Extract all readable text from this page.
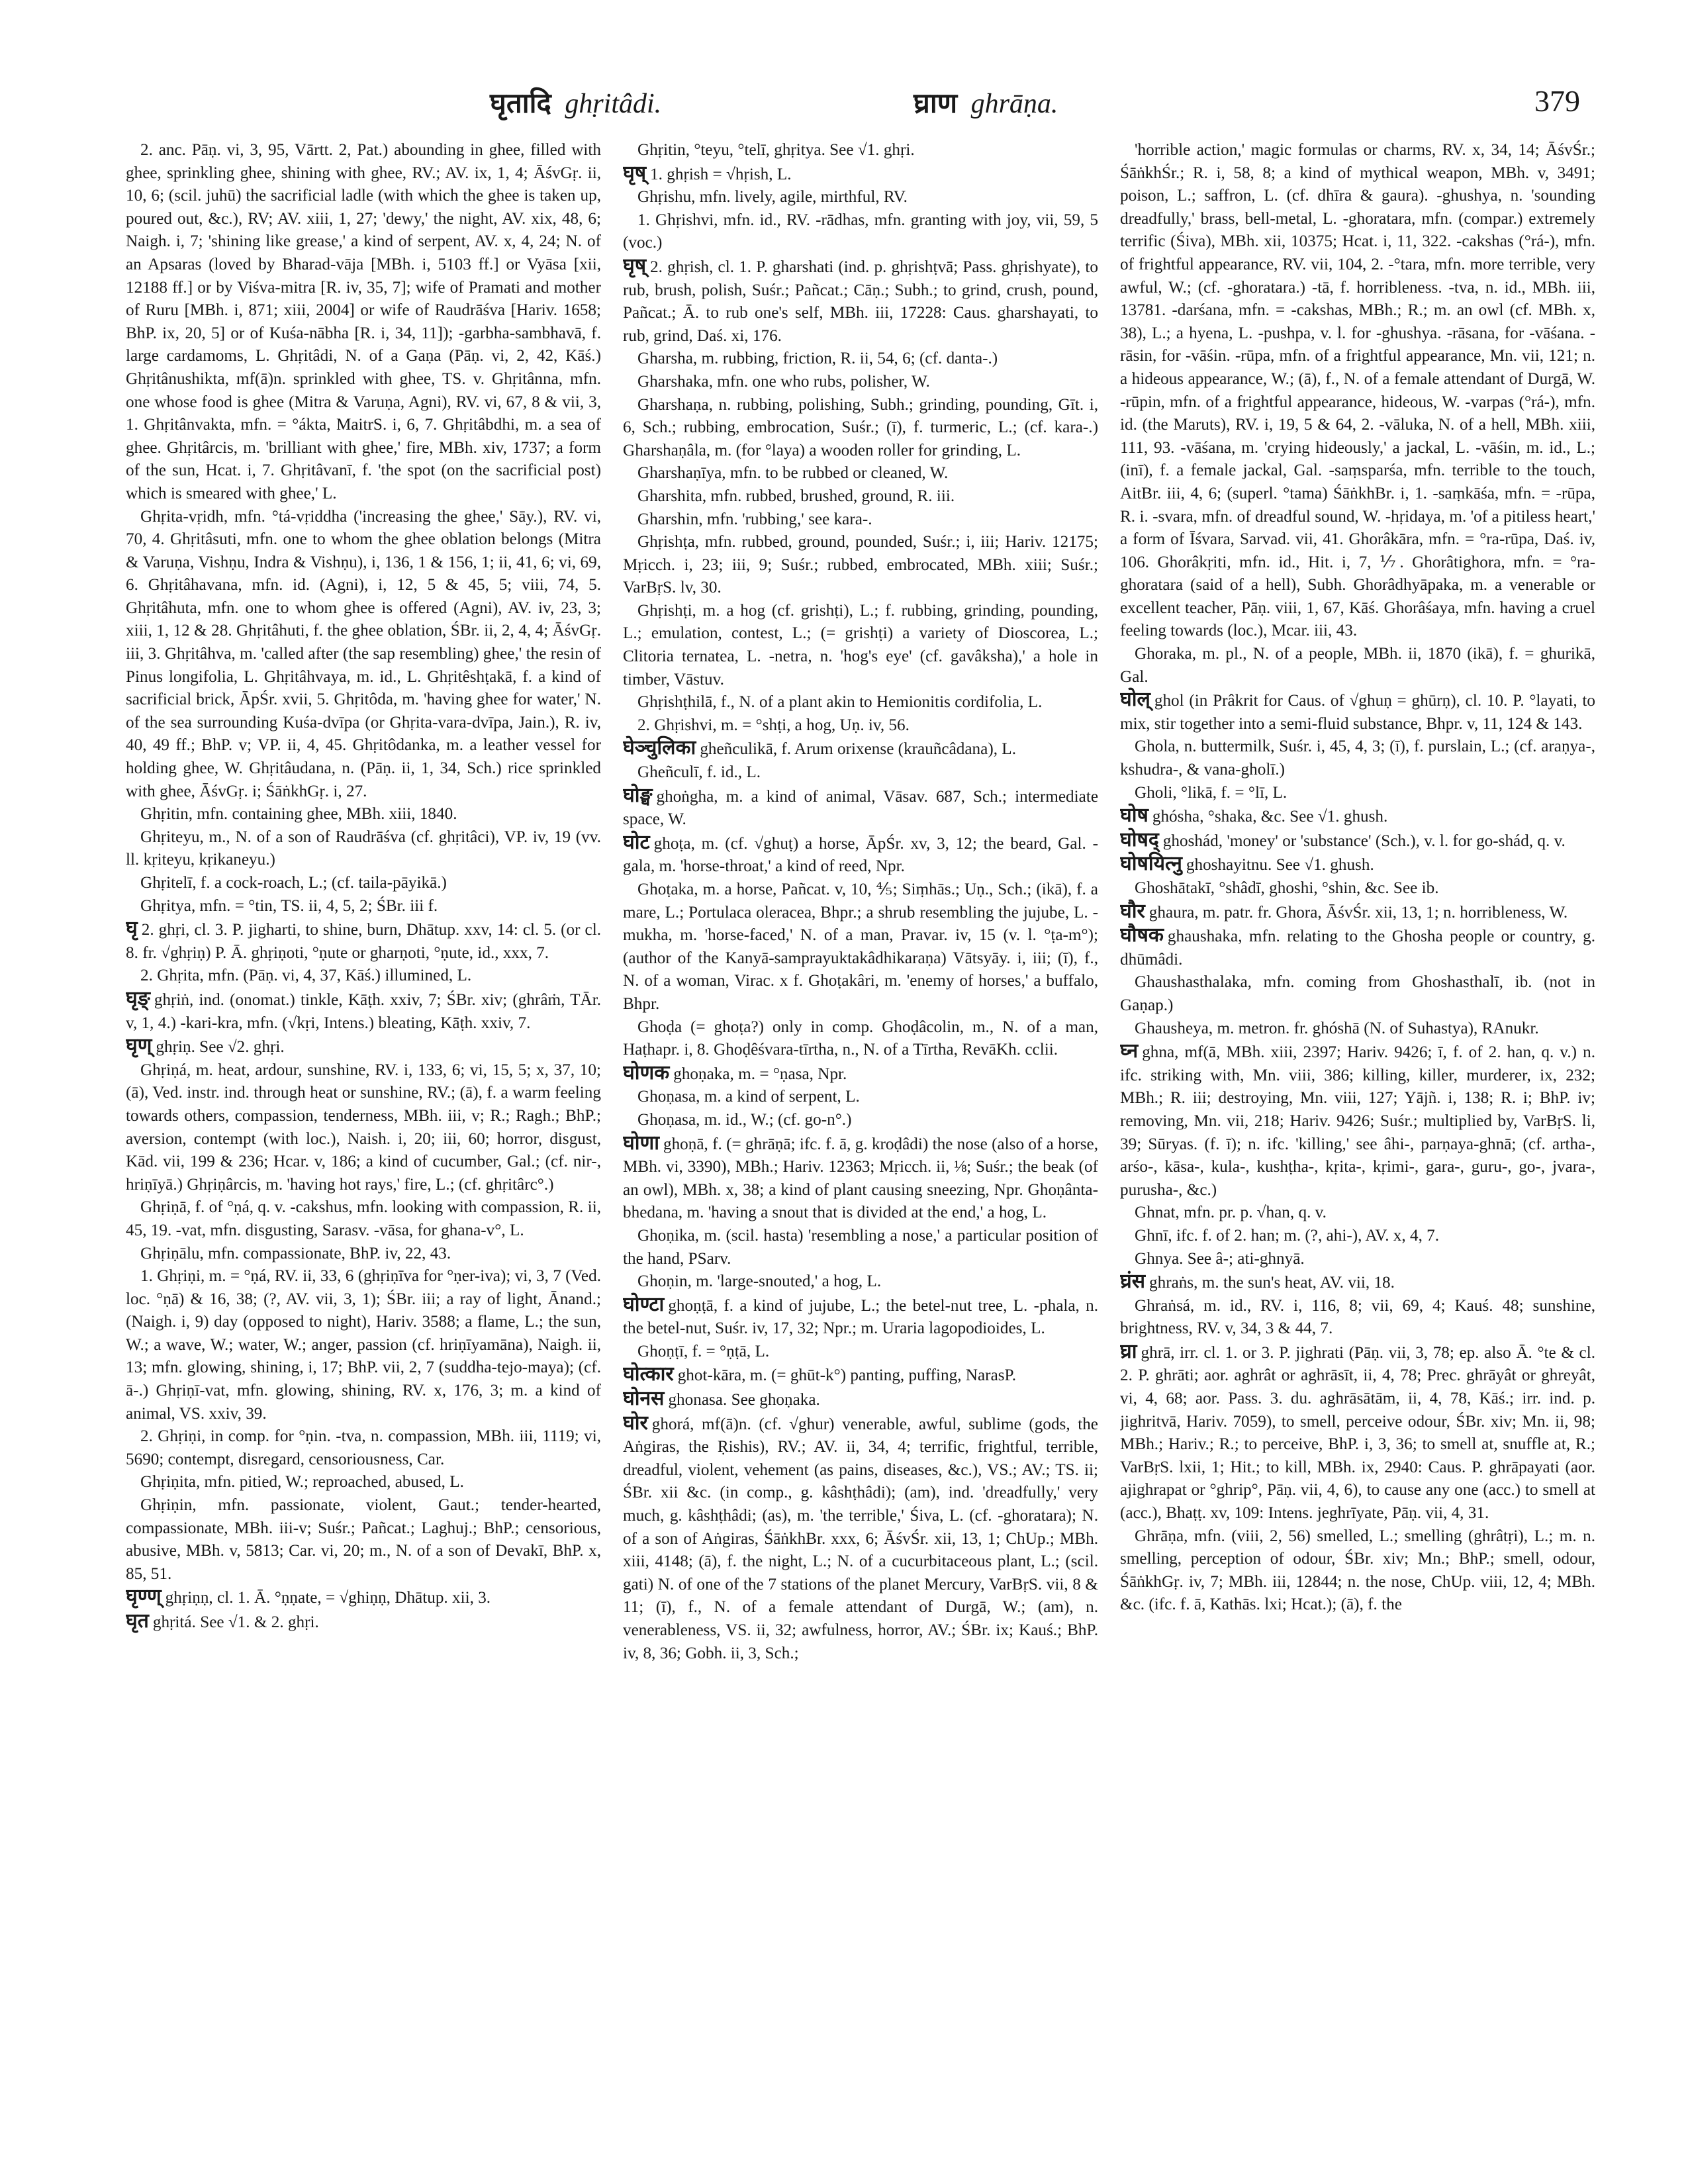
घृतादि ghṛitâdi.	घ्राण ghrāṇa.	379

2. anc. Pāṇ. vi, 3, 95, Vārtt. 2, Pat.) abounding in ghee, filled with ghee, sprinkling ghee, shining with ghee, RV.; AV. ix, 1, 4; ĀśvGṛ. ii, 10, 6; (scil. juhū) the sacrificial ladle (with which the ghee is taken up, poured out, &c.), RV; AV. xiii, 1, 27; 'dewy,' the night, AV. xix, 48, 6; Naigh. i, 7; 'shining like grease,' a kind of serpent, AV. x, 4, 24; N. of an Apsaras (loved by Bharad-vāja [MBh. i, 5103 ff.] or Vyāsa [xii, 12188 ff.] or by Viśva-mitra [R. iv, 35, 7]; wife of Pramati and mother of Ruru [MBh. i, 871; xiii, 2004] or wife of Raudrāśva [Hariv. 1658; BhP. ix, 20, 5] or of Kuśa-nābha [R. i, 34, 11]); -garbha-sambhavā, f. large cardamoms, L. Ghṛitâdi, N. of a Gaṇa (Pāṇ. vi, 2, 42, Kāś.) Ghṛitânushikta, mf(ā)n. sprinkled with ghee, TS. v. Ghṛitânna, mfn. one whose food is ghee (Mitra & Varuṇa, Agni), RV. vi, 67, 8 & vii, 3, 1. Ghṛitânvakta, mfn. = °ákta, MaitrS. i, 6, 7. Ghṛitâbdhi, m. a sea of ghee. Ghṛitârcis, m. 'brilliant with ghee,' fire, MBh. xiv, 1737; a form of the sun, Hcat. i, 7. Ghṛitâvanī, f. 'the spot (on the sacrificial post) which is smeared with ghee,' L.

Ghṛita-vṛidh, mfn. °tá-vṛiddha ('increasing the ghee,' Sāy.), RV. vi, 70, 4. Ghṛitâsuti, mfn. one to whom the ghee oblation belongs (Mitra & Varuṇa, Vishṇu, Indra & Vishṇu), i, 136, 1 & 156, 1; ii, 41, 6; vi, 69, 6. Ghṛitâhavana, mfn. id. (Agni), i, 12, 5 & 45, 5; viii, 74, 5. Ghṛitâhuta, mfn. one to whom ghee is offered (Agni), AV. iv, 23, 3; xiii, 1, 12 & 28. Ghṛitâhuti, f. the ghee oblation, ŚBr. ii, 2, 4, 4; ĀśvGṛ. iii, 3. Ghṛitâhva, m. 'called after (the sap resembling) ghee,' the resin of Pinus longifolia, L. Ghṛitâhvaya, m. id., L. Ghṛitêshṭakā, f. a kind of sacrificial brick, ĀpŚr. xvii, 5. Ghṛitôda, m. 'having ghee for water,' N. of the sea surrounding Kuśa-dvīpa (or Ghṛita-vara-dvīpa, Jain.), R. iv, 40, 49 ff.; BhP. v; VP. ii, 4, 45. Ghṛitôdanka, m. a leather vessel for holding ghee, W. Ghṛitâudana, n. (Pāṇ. ii, 1, 34, Sch.) rice sprinkled with ghee, ĀśvGṛ. i; ŚāṅkhGṛ. i, 27.

Ghṛitin, mfn. containing ghee, MBh. xiii, 1840.

Ghṛiteyu, m., N. of a son of Raudrāśva (cf. ghṛitâci), VP. iv, 19 (vv. ll. kṛiteyu, kṛikaneyu.)

Ghṛitelī, f. a cock-roach, L.; (cf. taila-pāyikā.)

Ghṛitya, mfn. = °tin, TS. ii, 4, 5, 2; ŚBr. iii f.

घृ 2. ghṛi, cl. 3. P. jigharti, to shine, burn, Dhātup. xxv, 14: cl. 5. (or cl. 8. fr. √ghṛiṇ) P. Ā. ghṛiṇoti, °ṇute or gharṇoti, °ṇute, id., xxx, 7.

2. Ghṛita, mfn. (Pāṇ. vi, 4, 37, Kāś.) illumined, L.

घृङ् ghṛiṅ, ind. (onomat.) tinkle, Kāṭh. xxiv, 7; ŚBr. xiv; (ghrâṁ, TĀr. v, 1, 4.) -kari-kra, mfn. (√kṛi, Intens.) bleating, Kāṭh. xxiv, 7.

घृण् ghṛiṇ. See √2. ghṛi.

Ghṛiṇá, m. heat, ardour, sunshine, RV. i, 133, 6; vi, 15, 5; x, 37, 10; (ā), Ved. instr. ind. through heat or sunshine, RV.; (ā), f. a warm feeling towards others, compassion, tenderness, MBh. iii, v; R.; Ragh.; BhP.; aversion, contempt (with loc.), Naish. i, 20; iii, 60; horror, disgust, Kād. vii, 199 & 236; Hcar. v, 186; a kind of cucumber, Gal.; (cf. nir-, hriṇīyā.) Ghṛiṇârcis, m. 'having hot rays,' fire, L.; (cf. ghṛitârc°.)

Ghṛiṇā, f. of °ṇá, q. v. -cakshus, mfn. looking with compassion, R. ii, 45, 19. -vat, mfn. disgusting, Sarasv. -vāsa, for ghana-v°, L.

Ghṛiṇālu, mfn. compassionate, BhP. iv, 22, 43.

1. Ghṛiṇi, m. = °ṇá, RV. ii, 33, 6 (ghṛiṇīva for °ṇer-iva); vi, 3, 7 (Ved. loc. °ṇā) & 16, 38; (?, AV. vii, 3, 1); ŚBr. iii; a ray of light, Ānand.; (Naigh. i, 9) day (opposed to night), Hariv. 3588; a flame, L.; the sun, W.; a wave, W.; water, W.; anger, passion (cf. hriṇīyamāna), Naigh. ii, 13; mfn. glowing, shining, i, 17; BhP. vii, 2, 7 (suddha-tejo-maya); (cf. ā-.) Ghṛiṇī-vat, mfn. glowing, shining, RV. x, 176, 3; m. a kind of animal, VS. xxiv, 39.

2. Ghṛiṇi, in comp. for °ṇin. -tva, n. compassion, MBh. iii, 1119; vi, 5690; contempt, disregard, censoriousness, Car.

Ghṛiṇita, mfn. pitied, W.; reproached, abused, L.

Ghṛiṇin, mfn. passionate, violent, Gaut.; tender-hearted, compassionate, MBh. iii-v; Suśr.; Pañcat.; Laghuj.; BhP.; censorious, abusive, MBh. v, 5813; Car. vi, 20; m., N. of a son of Devakī, BhP. x, 85, 51.

घृण्ण् ghṛiṇṇ, cl. 1. Ā. °ṇṇate, = √ghiṇṇ, Dhātup. xii, 3.

घृत ghṛitá. See √1. & 2. ghṛi.

Ghṛitin, °teyu, °telī, ghṛitya. See √1. ghṛi.

घृष् 1. ghṛish = √hṛish, L.

Ghṛishu, mfn. lively, agile, mirthful, RV.

1. Ghṛishvi, mfn. id., RV. -rādhas, mfn. granting with joy, vii, 59, 5 (voc.)

घृष् 2. ghṛish, cl. 1. P. gharshati (ind. p. ghṛishṭvā; Pass. ghṛishyate), to rub, brush, polish, Suśr.; Pañcat.; Cāṇ.; Subh.; to grind, crush, pound, Pañcat.; Ā. to rub one's self, MBh. iii, 17228: Caus. gharshayati, to rub, grind, Daś. xi, 176.

Gharsha, m. rubbing, friction, R. ii, 54, 6; (cf. danta-.)

Gharshaka, mfn. one who rubs, polisher, W.

Gharshaṇa, n. rubbing, polishing, Subh.; grinding, pounding, Gīt. i, 6, Sch.; rubbing, embrocation, Suśr.; (ī), f. turmeric, L.; (cf. kara-.) Gharshaṇâla, m. (for °laya) a wooden roller for grinding, L.

Gharshaṇīya, mfn. to be rubbed or cleaned, W.

Gharshita, mfn. rubbed, brushed, ground, R. iii.

Gharshin, mfn. 'rubbing,' see kara-.

Ghṛishṭa, mfn. rubbed, ground, pounded, Suśr.; i, iii; Hariv. 12175; Mṛicch. i, 23; iii, 9; Suśr.; rubbed, embrocated, MBh. xiii; Suśr.; VarBṛS. lv, 30.

Ghṛishṭi, m. a hog (cf. grishṭi), L.; f. rubbing, grinding, pounding, L.; emulation, contest, L.; (= grishṭi) a variety of Dioscorea, L.; Clitoria ternatea, L. -netra, n. 'hog's eye' (cf. gavâksha),' a hole in timber, Vāstuv.

Ghṛishṭhilā, f., N. of a plant akin to Hemionitis cordifolia, L.

2. Ghṛishvi, m. = °shṭi, a hog, Uṇ. iv, 56.

घेञ्चुलिका gheñculikā, f. Arum orixense (krauñcâdana), L.

Gheñculī, f. id., L.

घोङ्घ ghoṅgha, m. a kind of animal, Vāsav. 687, Sch.; intermediate space, W.

घोट ghoṭa, m. (cf. √ghuṭ) a horse, ĀpŚr. xv, 3, 12; the beard, Gal. -gala, m. 'horse-throat,' a kind of reed, Npr.

Ghoṭaka, m. a horse, Pañcat. v, 10, ⅘; Siṃhās.; Uṇ., Sch.; (ikā), f. a mare, L.; Portulaca oleracea, Bhpr.; a shrub resembling the jujube, L. -mukha, m. 'horse-faced,' N. of a man, Pravar. iv, 15 (v. l. °ṭa-m°); (author of the Kanyā-samprayuktakâdhikaraṇa) Vātsyāy. i, iii; (ī), f., N. of a woman, Virac. x f. Ghoṭakâri, m. 'enemy of horses,' a buffalo, Bhpr.

Ghoḍa (= ghoṭa?) only in comp. Ghoḍâcolin, m., N. of a man, Haṭhapr. i, 8. Ghoḍêśvara-tīrtha, n., N. of a Tīrtha, RevāKh. cclii.

घोणक ghoṇaka, m. = °ṇasa, Npr.

Ghoṇasa, m. a kind of serpent, L.

Ghoṇasa, m. id., W.; (cf. go-n°.)

घोणा ghoṇā, f. (= ghrāṇā; ifc. f. ā, g. kroḍâdi) the nose (also of a horse, MBh. vi, 3390), MBh.; Hariv. 12363; Mṛicch. ii, ⅛; Suśr.; the beak (of an owl), MBh. x, 38; a kind of plant causing sneezing, Npr. Ghoṇânta-bhedana, m. 'having a snout that is divided at the end,' a hog, L.

Ghoṇika, m. (scil. hasta) 'resembling a nose,' a particular position of the hand, PSarv.

Ghoṇin, m. 'large-snouted,' a hog, L.

घोण्टा ghoṇṭā, f. a kind of jujube, L.; the betel-nut tree, L. -phala, n. the betel-nut, Suśr. iv, 17, 32; Npr.; m. Uraria lagopodioides, L.

Ghoṇṭī, f. = °ṇṭā, L.

घोत्कार ghot-kāra, m. (= ghūt-k°) panting, puffing, NarasP.

घोनस ghonasa. See ghoṇaka.

घोर ghorá, mf(ā)n. (cf. √ghur) venerable, awful, sublime (gods, the Aṅgiras, the Ṛishis), RV.; AV. ii, 34, 4; terrific, frightful, terrible, dreadful, violent, vehement (as pains, diseases, &c.), VS.; AV.; TS. ii; ŚBr. xii &c. (in comp., g. kâshṭhâdi); (am), ind. 'dreadfully,' very much, g. kâshṭhâdi; (as), m. 'the terrible,' Śiva, L. (cf. -ghoratara); N. of a son of Aṅgiras, ŚāṅkhBr. xxx, 6; ĀśvŚr. xii, 13, 1; ChUp.; MBh. xiii, 4148; (ā), f. the night, L.; N. of a cucurbitaceous plant, L.; (scil. gati) N. of one of the 7 stations of the planet Mercury, VarBṛS. vii, 8 & 11; (ī), f., N. of a female attendant of Durgā, W.; (am), n. venerableness, VS. ii, 32; awfulness, horror, AV.; ŚBr. ix; Kauś.; BhP. iv, 8, 36; Gobh. ii, 3, Sch.;

'horrible action,' magic formulas or charms, RV. x, 34, 14; ĀśvŚr.; ŚāṅkhŚr.; R. i, 58, 8; a kind of mythical weapon, MBh. v, 3491; poison, L.; saffron, L. (cf. dhīra & gaura). -ghushya, n. 'sounding dreadfully,' brass, bell-metal, L. -ghoratara, mfn. (compar.) extremely terrific (Śiva), MBh. xii, 10375; Hcat. i, 11, 322. -cakshas (°rá-), mfn. of frightful appearance, RV. vii, 104, 2. -°tara, mfn. more terrible, very awful, W.; (cf. -ghoratara.) -tā, f. horribleness. -tva, n. id., MBh. iii, 13781. -darśana, mfn. = -cakshas, MBh.; R.; m. an owl (cf. MBh. x, 38), L.; a hyena, L. -pushpa, v. l. for -ghushya. -rāsana, for -vāśana. -rāsin, for -vāśin. -rūpa, mfn. of a frightful appearance, Mn. vii, 121; n. a hideous appearance, W.; (ā), f., N. of a female attendant of Durgā, W. -rūpin, mfn. of a frightful appearance, hideous, W. -varpas (°rá-), mfn. id. (the Maruts), RV. i, 19, 5 & 64, 2. -vāluka, N. of a hell, MBh. xiii, 111, 93. -vāśana, m. 'crying hideously,' a jackal, L. -vāśin, m. id., L.; (inī), f. a female jackal, Gal. -saṃsparśa, mfn. terrible to the touch, AitBr. iii, 4, 6; (superl. °tama) ŚāṅkhBr. i, 1. -saṃkāśa, mfn. = -rūpa, R. i. -svara, mfn. of dreadful sound, W. -hṛidaya, m. 'of a pitiless heart,' a form of Īśvara, Sarvad. vii, 41. Ghorâkāra, mfn. = °ra-rūpa, Daś. iv, 106. Ghorâkṛiti, mfn. id., Hit. i, 7, ⅐. Ghorâtighora, mfn. = °ra-ghoratara (said of a hell), Subh. Ghorâdhyāpaka, m. a venerable or excellent teacher, Pāṇ. viii, 1, 67, Kāś. Ghorâśaya, mfn. having a cruel feeling towards (loc.), Mcar. iii, 43.

Ghoraka, m. pl., N. of a people, MBh. ii, 1870 (ikā), f. = ghurikā, Gal.

घोल् ghol (in Prâkrit for Caus. of √ghuṇ = ghūrṇ), cl. 10. P. °layati, to mix, stir together into a semi-fluid substance, Bhpr. v, 11, 124 & 143.

Ghola, n. buttermilk, Suśr. i, 45, 4, 3; (ī), f. purslain, L.; (cf. araṇya-, kshudra-, & vana-gholī.)

Gholi, °likā, f. = °lī, L.

घोष ghósha, °shaka, &c. See √1. ghush.

घोषद् ghoshád, 'money' or 'substance' (Sch.), v. l. for go-shád, q. v.

घोषयित्नु ghoshayitnu. See √1. ghush.

Ghoshātakī, °shâdī, ghoshi, °shin, &c. See ib.

घौर ghaura, m. patr. fr. Ghora, ĀśvŚr. xii, 13, 1; n. horribleness, W.

घौषक ghaushaka, mfn. relating to the Ghosha people or country, g. dhūmâdi.

Ghaushasthalaka, mfn. coming from Ghoshasthalī, ib. (not in Gaṇap.)

Ghausheya, m. metron. fr. ghóshā (N. of Suhastya), RAnukr.

घ्न ghna, mf(ā, MBh. xiii, 2397; Hariv. 9426; ī, f. of 2. han, q. v.) n. ifc. striking with, Mn. viii, 386; killing, killer, murderer, ix, 232; MBh.; R. iii; destroying, Mn. viii, 127; Yājñ. i, 138; R. i; BhP. iv; removing, Mn. vii, 218; Hariv. 9426; Suśr.; multiplied by, VarBṛS. li, 39; Sūryas. (f. ī); n. ifc. 'killing,' see âhi-, parṇaya-ghnā; (cf. artha-, arśo-, kāsa-, kula-, kushṭha-, kṛita-, kṛimi-, gara-, guru-, go-, jvara-, purusha-, &c.)

Ghnat, mfn. pr. p. √han, q. v.

Ghnī, ifc. f. of 2. han; m. (?, ahi-), AV. x, 4, 7.

Ghnya. See â-; ati-ghnyā.

घ्रंस ghraṅs, m. the sun's heat, AV. vii, 18.

Ghraṅsá, m. id., RV. i, 116, 8; vii, 69, 4; Kauś. 48; sunshine, brightness, RV. v, 34, 3 & 44, 7.

घ्रा ghrā, irr. cl. 1. or 3. P. jighrati (Pāṇ. vii, 3, 78; ep. also Ā. °te & cl. 2. P. ghrāti; aor. aghrât or aghrāsīt, ii, 4, 78; Prec. ghrāyât or ghreyât, vi, 4, 68; aor. Pass. 3. du. aghrāsātām, ii, 4, 78, Kāś.; irr. ind. p. jighritvā, Hariv. 7059), to smell, perceive odour, ŚBr. xiv; Mn. ii, 98; MBh.; Hariv.; R.; to perceive, BhP. i, 3, 36; to smell at, snuffle at, R.; VarBṛS. lxii, 1; Hit.; to kill, MBh. ix, 2940: Caus. P. ghrāpayati (aor. ajighrapat or °ghrip°, Pāṇ. vii, 4, 6), to cause any one (acc.) to smell at (acc.), Bhaṭṭ. xv, 109: Intens. jeghrīyate, Pāṇ. vii, 4, 31.

Ghrāṇa, mfn. (viii, 2, 56) smelled, L.; smelling (ghrâtṛi), L.; m. n. smelling, perception of odour, ŚBr. xiv; Mn.; BhP.; smell, odour, ŚāṅkhGṛ. iv, 7; MBh. iii, 12844; n. the nose, ChUp. viii, 12, 4; MBh. &c. (ifc. f. ā, Kathās. lxi; Hcat.); (ā), f. the
